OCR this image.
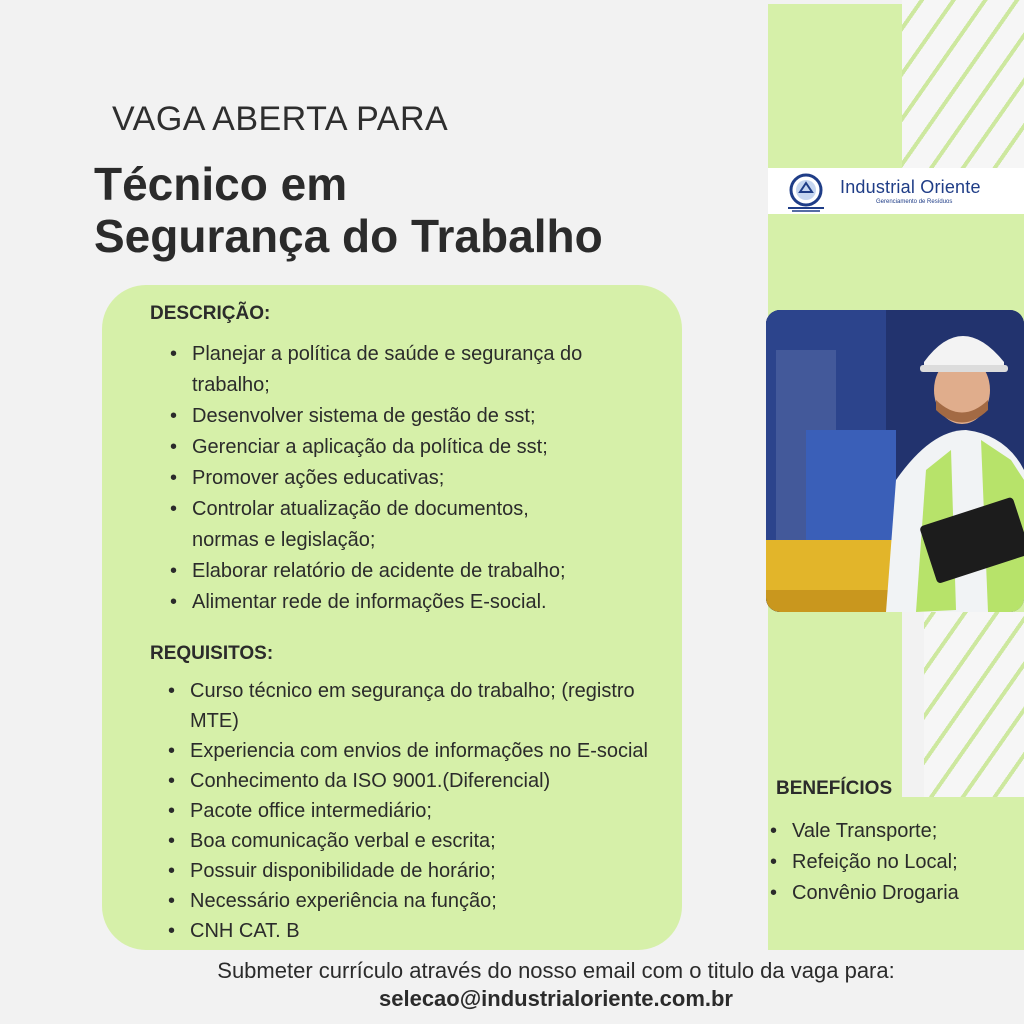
Industrial Oriente
Gerenciamento de Resíduos
VAGA ABERTA PARA
Técnico em
Segurança do Trabalho
DESCRIÇÃO:
• Planejar a política de saúde e segurança do
trabalho;
• Desenvolver sistema de gestão de sst;
• Gerenciar a aplicação da política de sst;
• Promover ações educativas;
• Controlar atualização de documentos,
normas e legislação;
• Elaborar relatório de acidente de trabalho;
• Alimentar rede de informações E-social.
REQUISITOS:
• Curso técnico em segurança do trabalho; (registro
MTE)
• Experiencia com envios de informações no E-social
• Conhecimento da ISO 9001.(Diferencial)
• Pacote office intermediário;
• Boa comunicação verbal e escrita;
• Possuir disponibilidade de horário;
• Necessário experiência na função;
• CNH CAT. B
BENEFÍCIOS
• Vale Transporte;
• Refeição no Local;
• Convênio Drogaria
Submeter currículo através do nosso email com o titulo da vaga para:
selecao@industrialoriente.com.br
